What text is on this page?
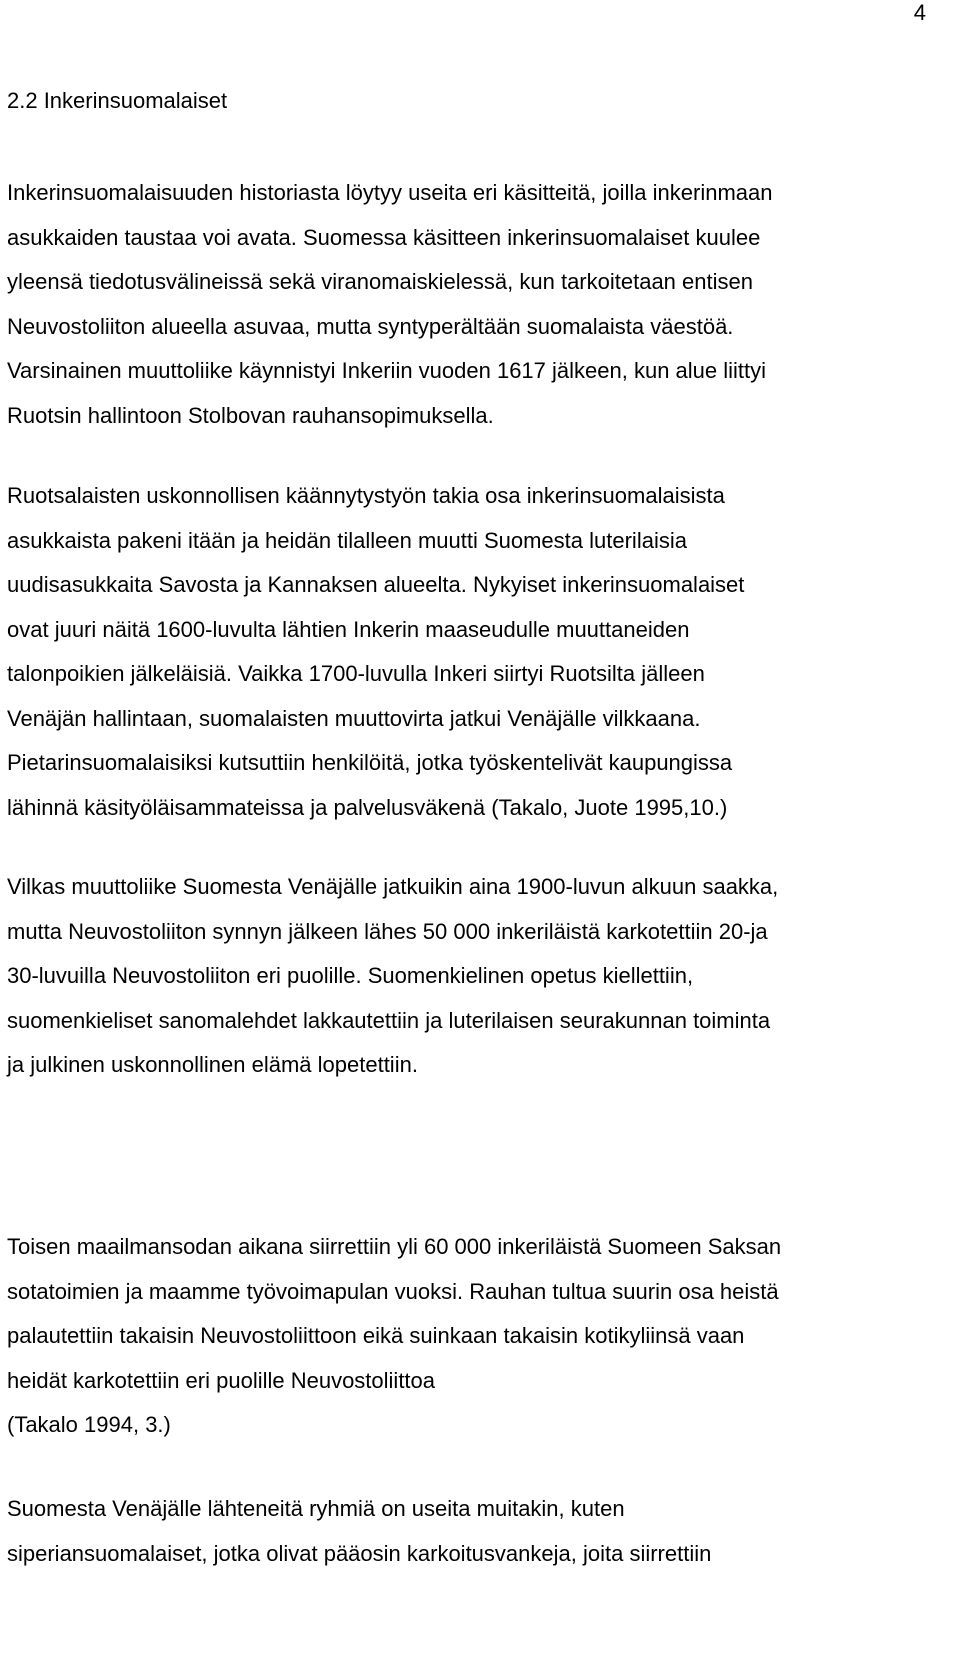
4
2.2 Inkerinsuomalaiset
Inkerinsuomalaisuuden historiasta löytyy useita eri käsitteitä, joilla inkerinmaan
asukkaiden taustaa voi avata. Suomessa käsitteen inkerinsuomalaiset kuulee
yleensä tiedotusvälineissä sekä viranomaiskielessä, kun tarkoitetaan entisen
Neuvostoliiton alueella asuvaa, mutta syntyperältään suomalaista väestöä.
Varsinainen muuttoliike käynnistyi Inkeriin vuoden 1617 jälkeen, kun alue liittyi
Ruotsin hallintoon Stolbovan rauhansopimuksella.
Ruotsalaisten uskonnollisen käännytystyön takia osa inkerinsuomalaisista
asukkaista pakeni itään ja heidän tilalleen muutti Suomesta luterilaisia
uudisasukkaita Savosta ja Kannaksen alueelta. Nykyiset inkerinsuomalaiset
ovat juuri näitä 1600-luvulta lähtien Inkerin maaseudulle muuttaneiden
talonpoikien jälkeläisiä. Vaikka 1700-luvulla Inkeri siirtyi Ruotsilta jälleen
Venäjän hallintaan, suomalaisten muuttovirta jatkui Venäjälle vilkkaana.
Pietarinsuomalaisiksi kutsuttiin henkilöitä, jotka työskentelivät kaupungissa
lähinnä käsityöläisammateissa ja palvelusväkenä (Takalo, Juote 1995,10.)
Vilkas muuttoliike Suomesta Venäjälle jatkuikin aina 1900-luvun alkuun saakka,
mutta Neuvostoliiton synnyn jälkeen lähes 50 000 inkeriläistä karkotettiin 20-ja
30-luvuilla Neuvostoliiton eri puolille. Suomenkielinen opetus kiellettiin,
suomenkieliset sanomalehdet lakkautettiin ja luterilaisen seurakunnan toiminta
ja julkinen uskonnollinen elämä lopetettiin.
Toisen maailmansodan aikana siirrettiin yli 60 000 inkeriläistä Suomeen Saksan
sotatoimien ja maamme työvoimapulan vuoksi. Rauhan tultua suurin osa heistä
palautettiin takaisin Neuvostoliittoon eikä suinkaan takaisin kotikyliinsä vaan
heidät karkotettiin eri puolille Neuvostoliittoa
(Takalo 1994, 3.)
Suomesta Venäjälle lähteneitä ryhmiä on useita muitakin, kuten
siperiansuomalaiset, jotka olivat pääosin karkoitusvankeja, joita siirrettiin
